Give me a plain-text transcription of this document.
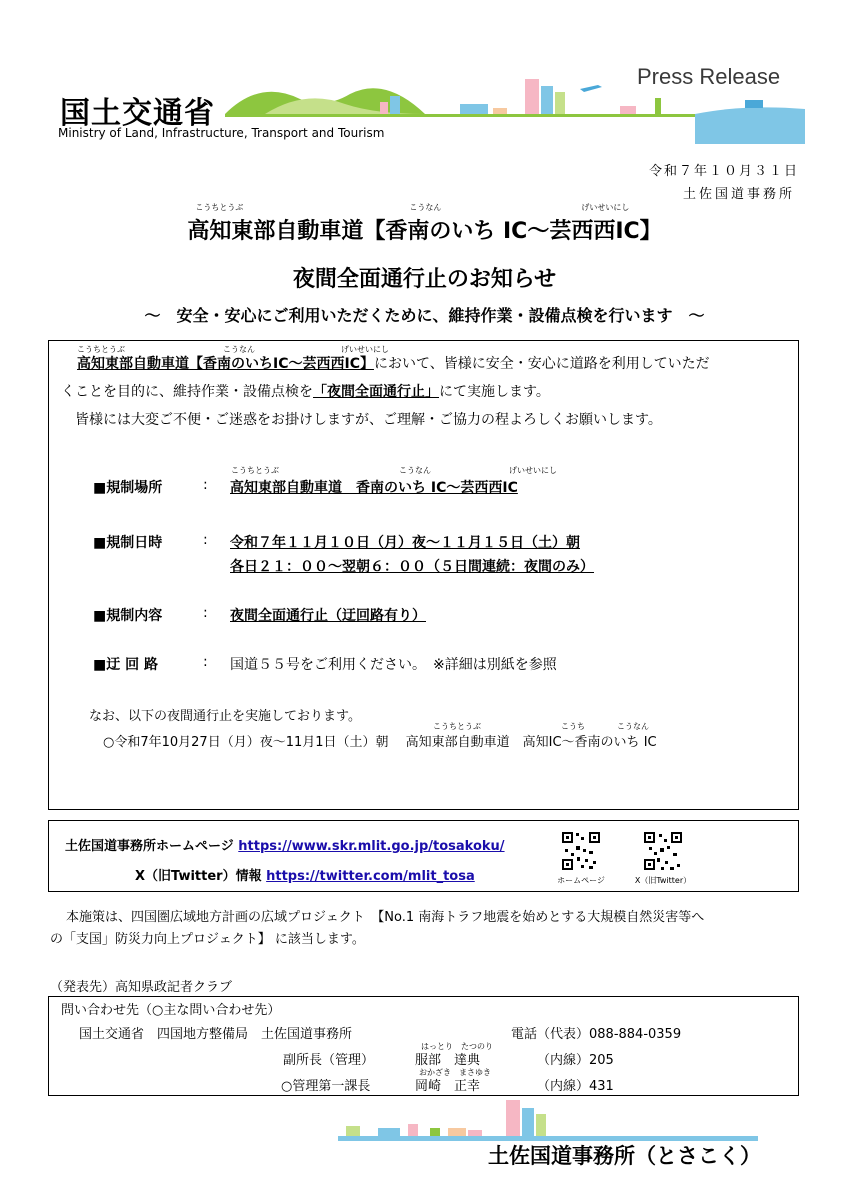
国土交通省
Ministry of Land, Infrastructure, Transport and Tourism
Press Release
令和７年１０月３１日
土佐国道事務所
こうちとうぶ	こうなん	げいせいにし
高知東部自動車道【香南のいち IC～芸西西IC】
夜間全面通行止のお知らせ
～　安全・安心にご利用いただくために、維持作業・設備点検を行います　～
こうちとうぶ	こうなん	げいせいにし
高知東部自動車道【香南のいちIC～芸西西IC】において、皆様に安全・安心に道路を利用していただ
くことを目的に、維持作業・設備点検を「夜間全面通行止」にて実施します。
皆様には大変ご不便・ご迷惑をお掛けしますが、ご理解・ご協力の程よろしくお願いします。
■規制場所	:
こうちとうぶ	こうなん	げいせいにし
高知東部自動車道　香南のいち IC～芸西西IC
■規制日時	: 令和７年１１月１０日（月）夜～１１月１５日（土）朝
各日２１：００～翌朝６：００（５日間連続：夜間のみ）
■規制内容	: 夜間全面通行止（迂回路有り）
■迂 回 路	: 国道５５号をご利用ください。　※詳細は別紙を参照
なお、以下の夜間通行止を実施しております。
こうちとうぶ	こうち	こうなん
○令和7年10月27日（月）夜～11月1日（土）朝　 高知東部自動車道　高知IC～香南のいち IC
土佐国道事務所ホームページ https://www.skr.mlit.go.jp/tosakoku/
X（旧Twitter）情報 https://twitter.com/mlit_tosa	ホームページ	X（旧Twitter）
本施策は、四国圏広域地方計画の広域プロジェクト　【No.1 南海トラフ地震を始めとする大規模自然災害等へ
の「支国」防災力向上プロジェクト】 に該当します。
（発表先）高知県政記者クラブ
問い合わせ先（○主な問い合わせ先）
国土交通省　四国地方整備局　土佐国道事務所	電話（代表）088-884-0359
副所長（管理）
はっとり たつのり
服部　達典	（内線）205
○管理第一課長
おかざき まさゆき
岡崎　正幸	（内線）431
土佐国道事務所（とさこく）
